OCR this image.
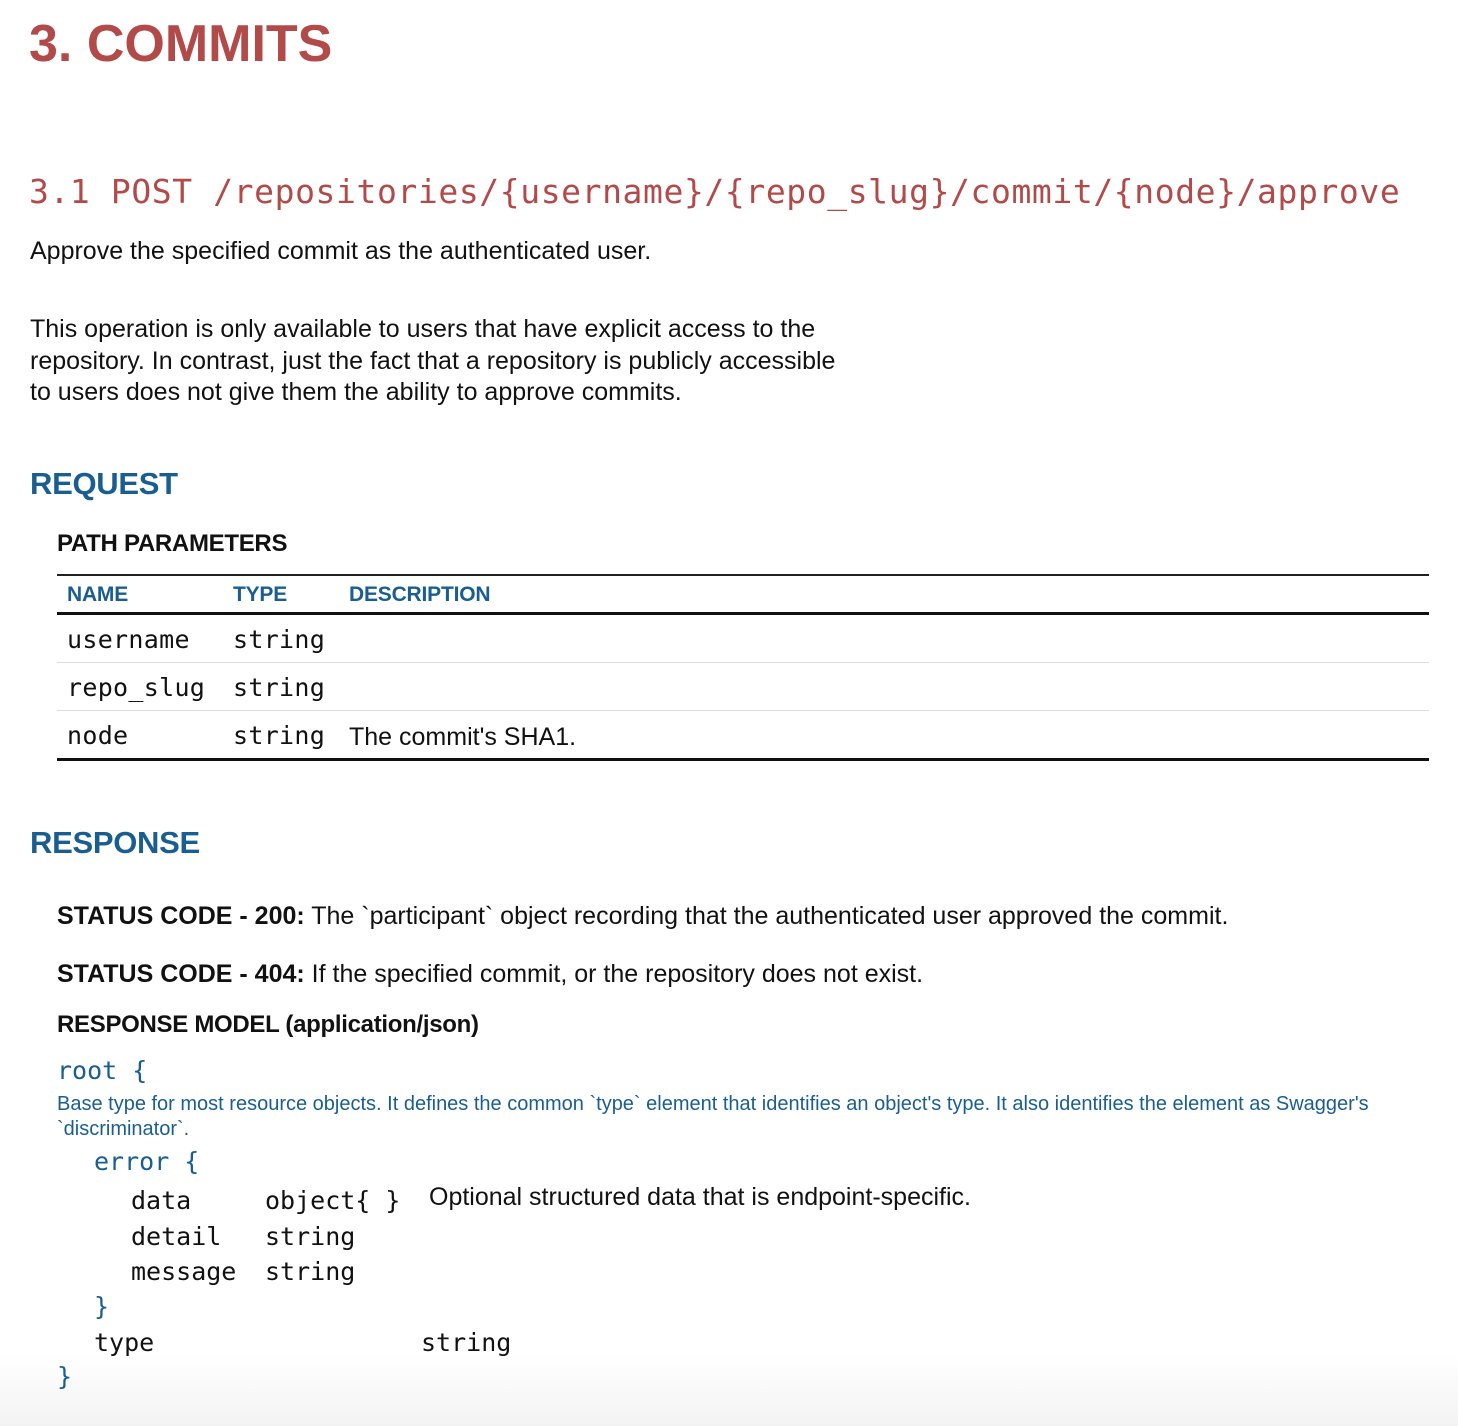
3. COMMITS
3.1 POST /repositories/{username}/{repo_slug}/commit/{node}/approve
Approve the specified commit as the authenticated user.
This operation is only available to users that have explicit access to the repository. In contrast, just the fact that a repository is publicly accessible to users does not give them the ability to approve commits.
REQUEST
PATH PARAMETERS
NAME	TYPE	DESCRIPTION
username string
repo_slug string
node	string The commit's SHA1.
RESPONSE
STATUS CODE - 200: The `participant` object recording that the authenticated user approved the commit.
STATUS CODE - 404: If the specified commit, or the repository does not exist.
RESPONSE MODEL (application/json)
root {
Base type for most resource objects. It defines the common `type` element that identifies an object's type. It also identifies the element as Swagger's `discriminator`.
error {
data	object{ } Optional structured data that is endpoint-specific.
detail string
message string
}
type	string
}
